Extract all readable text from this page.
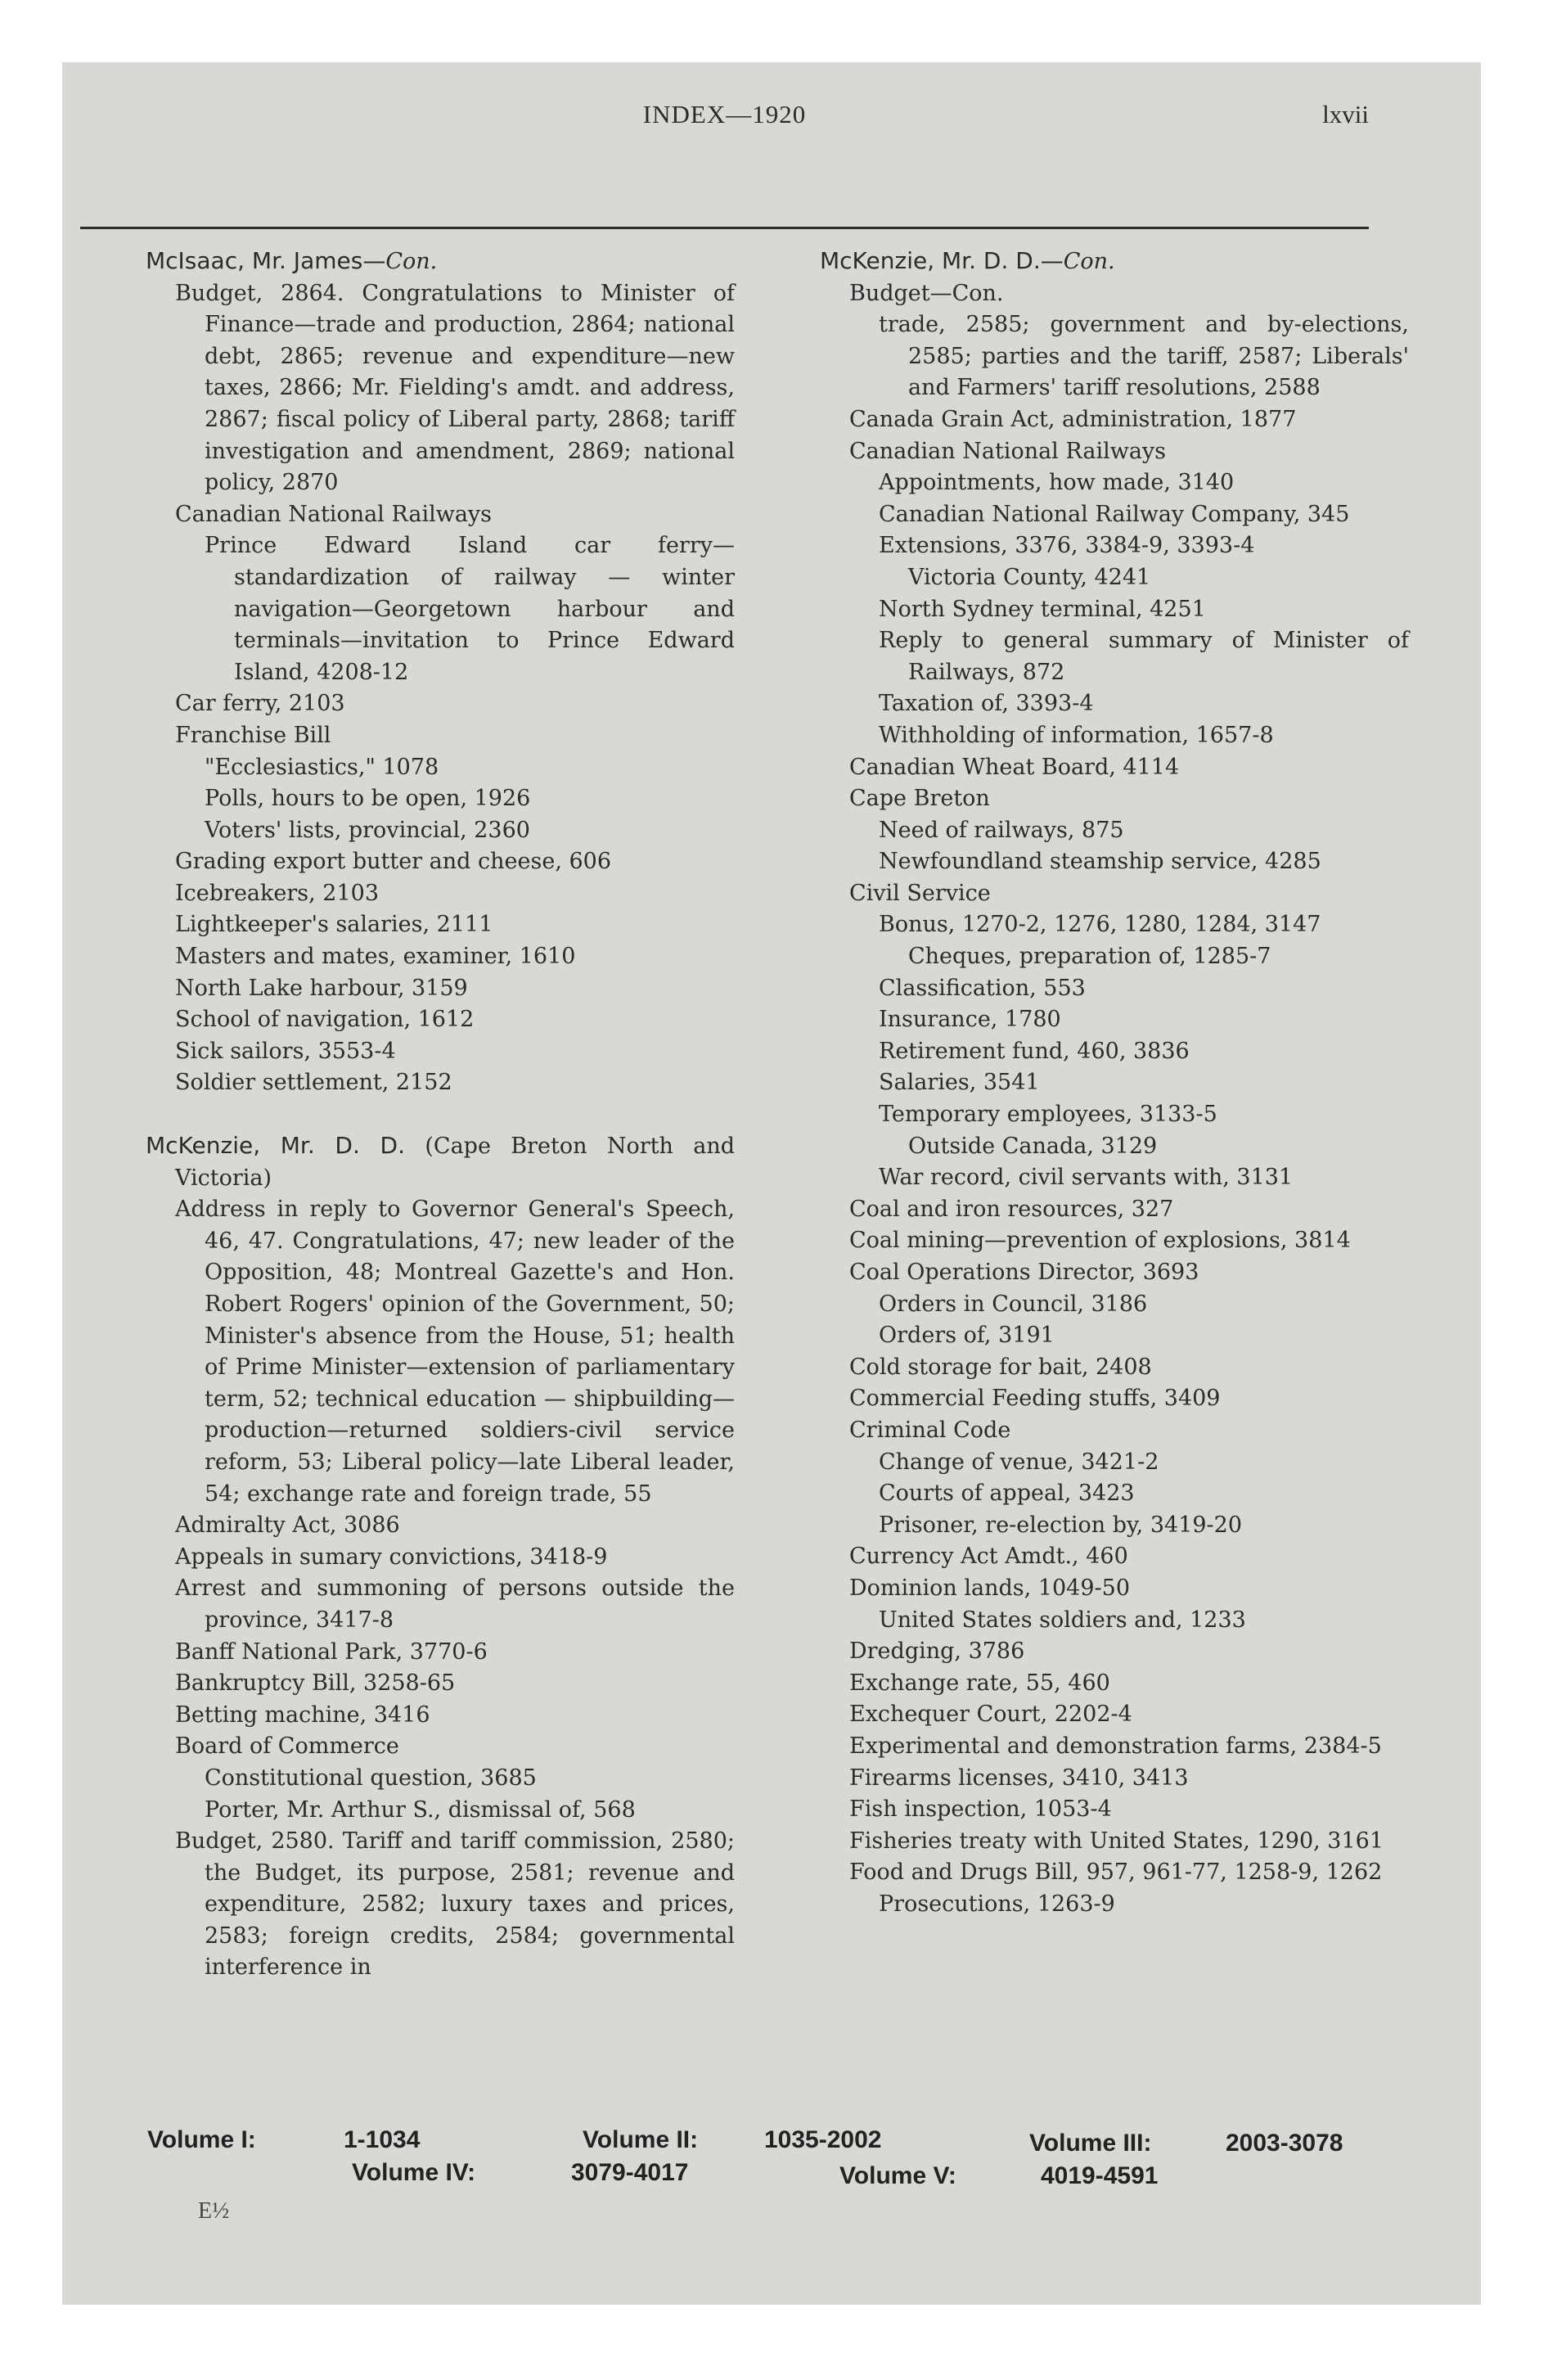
INDEX—1920	lxvii
McIsaac, Mr. James—Con.
Budget, 2864. Congratulations to Minister of Finance—trade and production, 2864; national debt, 2865; revenue and expenditure—new taxes, 2866; Mr. Fielding's amdt. and address, 2867; fiscal policy of Liberal party, 2868; tariff investigation and amendment, 2869; national policy, 2870
Canadian National Railways
Prince Edward Island car ferry—standardization of railway — winter navigation—Georgetown harbour and terminals—invitation to Prince Edward Island, 4208-12
Car ferry, 2103
Franchise Bill
"Ecclesiastics," 1078
Polls, hours to be open, 1926
Voters' lists, provincial, 2360
Grading export butter and cheese, 606
Icebreakers, 2103
Lightkeeper's salaries, 2111
Masters and mates, examiner, 1610
North Lake harbour, 3159
School of navigation, 1612
Sick sailors, 3553-4
Soldier settlement, 2152
McKenzie, Mr. D. D. (Cape Breton North and Victoria)
Address in reply to Governor General's Speech, 46, 47. Congratulations, 47; new leader of the Opposition, 48; Montreal Gazette's and Hon. Robert Rogers' opinion of the Government, 50; Minister's absence from the House, 51; health of Prime Minister—extension of parliamentary term, 52; technical education — shipbuilding—production—returned soldiers-civil service reform, 53; Liberal policy—late Liberal leader, 54; exchange rate and foreign trade, 55
Admiralty Act, 3086
Appeals in sumary convictions, 3418-9
Arrest and summoning of persons outside the province, 3417-8
Banff National Park, 3770-6
Bankruptcy Bill, 3258-65
Betting machine, 3416
Board of Commerce
Constitutional question, 3685
Porter, Mr. Arthur S., dismissal of, 568
Budget, 2580. Tariff and tariff commission, 2580; the Budget, its purpose, 2581; revenue and expenditure, 2582; luxury taxes and prices, 2583; foreign credits, 2584; governmental interference in
McKenzie, Mr. D. D.—Con.
Budget—Con.
trade, 2585; government and by-elections, 2585; parties and the tariff, 2587; Liberals' and Farmers' tariff resolutions, 2588
Canada Grain Act, administration, 1877
Canadian National Railways
Appointments, how made, 3140
Canadian National Railway Company, 345
Extensions, 3376, 3384-9, 3393-4
Victoria County, 4241
North Sydney terminal, 4251
Reply to general summary of Minister of Railways, 872
Taxation of, 3393-4
Withholding of information, 1657-8
Canadian Wheat Board, 4114
Cape Breton
Need of railways, 875
Newfoundland steamship service, 4285
Civil Service
Bonus, 1270-2, 1276, 1280, 1284, 3147
Cheques, preparation of, 1285-7
Classification, 553
Insurance, 1780
Retirement fund, 460, 3836
Salaries, 3541
Temporary employees, 3133-5
Outside Canada, 3129
War record, civil servants with, 3131
Coal and iron resources, 327
Coal mining—prevention of explosions, 3814
Coal Operations Director, 3693
Orders in Council, 3186
Orders of, 3191
Cold storage for bait, 2408
Commercial Feeding stuffs, 3409
Criminal Code
Change of venue, 3421-2
Courts of appeal, 3423
Prisoner, re-election by, 3419-20
Currency Act Amdt., 460
Dominion lands, 1049-50
United States soldiers and, 1233
Dredging, 3786
Exchange rate, 55, 460
Exchequer Court, 2202-4
Experimental and demonstration farms, 2384-5
Firearms licenses, 3410, 3413
Fish inspection, 1053-4
Fisheries treaty with United States, 1290, 3161
Food and Drugs Bill, 957, 961-77, 1258-9, 1262
Prosecutions, 1263-9
Volume I:	1-1034	Volume II:	1035-2002	Volume III:	2003-3078
Volume IV:	3079-4017	Volume V:	4019-4591
E½
